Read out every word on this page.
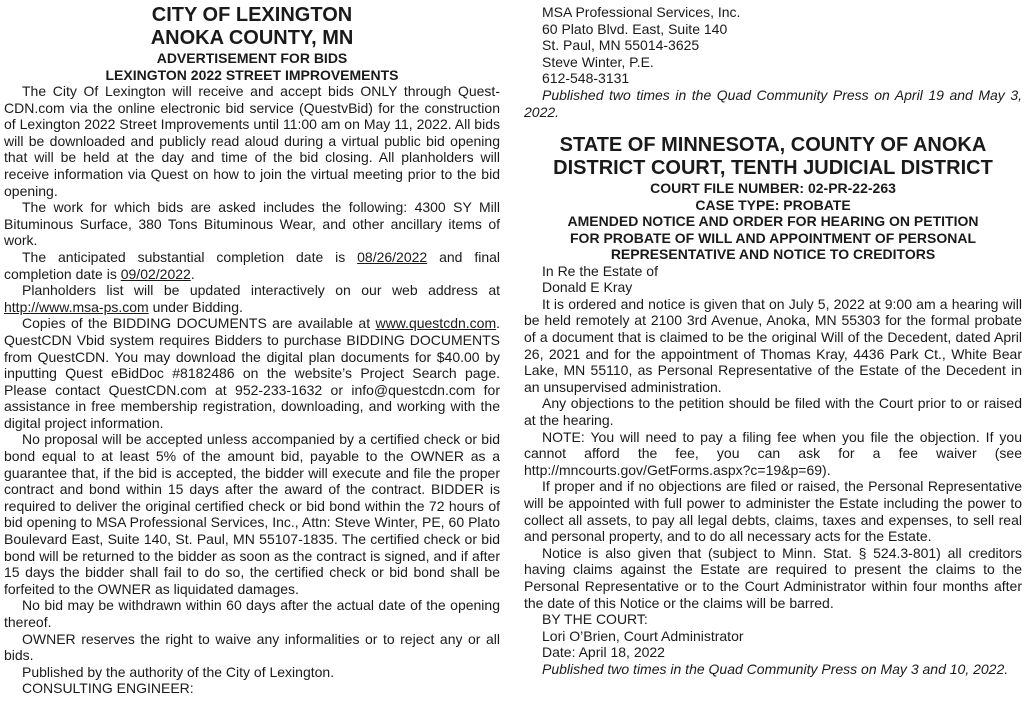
CITY OF LEXINGTON
ANOKA COUNTY, MN
ADVERTISEMENT FOR BIDS
LEXINGTON 2022 STREET IMPROVEMENTS

The City Of Lexington will receive and accept bids ONLY through Quest-CDN.com via the online electronic bid service (QuestvBid) for the construction of Lexington 2022 Street Improvements until 11:00 am on May 11, 2022. All bids will be downloaded and publicly read aloud during a virtual public bid opening that will be held at the day and time of the bid closing. All planholders will receive information via Quest on how to join the virtual meeting prior to the bid opening.

The work for which bids are asked includes the following: 4300 SY Mill Bituminous Surface, 380 Tons Bituminous Wear, and other ancillary items of work.

The anticipated substantial completion date is 08/26/2022 and final completion date is 09/02/2022.

Planholders list will be updated interactively on our web address at http://www.msa-ps.com under Bidding.

Copies of the BIDDING DOCUMENTS are available at www.questcdn.com. QuestCDN Vbid system requires Bidders to purchase BIDDING DOCUMENTS from QuestCDN. You may download the digital plan documents for $40.00 by inputting Quest eBidDoc #8182486 on the website’s Project Search page. Please contact QuestCDN.com at 952-233-1632 or info@questcdn.com for assistance in free membership registration, downloading, and working with the digital project information.

No proposal will be accepted unless accompanied by a certified check or bid bond equal to at least 5% of the amount bid, payable to the OWNER as a guarantee that, if the bid is accepted, the bidder will execute and file the proper contract and bond within 15 days after the award of the contract. BIDDER is required to deliver the original certified check or bid bond within the 72 hours of bid opening to MSA Professional Services, Inc., Attn: Steve Winter, PE, 60 Plato Boulevard East, Suite 140, St. Paul, MN 55107-1835. The certified check or bid bond will be returned to the bidder as soon as the contract is signed, and if after 15 days the bidder shall fail to do so, the certified check or bid bond shall be forfeited to the OWNER as liquidated damages.

No bid may be withdrawn within 60 days after the actual date of the opening thereof.

OWNER reserves the right to waive any informalities or to reject any or all bids.

Published by the authority of the City of Lexington.

CONSULTING ENGINEER:

MSA Professional Services, Inc.
60 Plato Blvd. East, Suite 140
St. Paul, MN 55014-3625
Steve Winter, P.E.
612-548-3131

Published two times in the Quad Community Press on April 19 and May 3, 2022.

STATE OF MINNESOTA, COUNTY OF ANOKA
DISTRICT COURT, TENTH JUDICIAL DISTRICT
COURT FILE NUMBER: 02-PR-22-263
CASE TYPE: PROBATE
AMENDED NOTICE AND ORDER FOR HEARING ON PETITION
FOR PROBATE OF WILL AND APPOINTMENT OF PERSONAL
REPRESENTATIVE AND NOTICE TO CREDITORS
In Re the Estate of
Donald E Kray

It is ordered and notice is given that on July 5, 2022 at 9:00 am a hearing will be held remotely at 2100 3rd Avenue, Anoka, MN 55303 for the formal probate of a document that is claimed to be the original Will of the Decedent, dated April 26, 2021 and for the appointment of Thomas Kray, 4436 Park Ct., White Bear Lake, MN 55110, as Personal Representative of the Estate of the Decedent in an unsupervised administration.

Any objections to the petition should be filed with the Court prior to or raised at the hearing.

NOTE: You will need to pay a filing fee when you file the objection. If you cannot afford the fee, you can ask for a fee waiver (see http://mncourts.gov/GetForms.aspx?c=19&p=69).

If proper and if no objections are filed or raised, the Personal Representative will be appointed with full power to administer the Estate including the power to collect all assets, to pay all legal debts, claims, taxes and expenses, to sell real and personal property, and to do all necessary acts for the Estate.

Notice is also given that (subject to Minn. Stat. § 524.3-801) all creditors having claims against the Estate are required to present the claims to the Personal Representative or to the Court Administrator within four months after the date of this Notice or the claims will be barred.

BY THE COURT:
Lori O’Brien, Court Administrator
Date: April 18, 2022
Published two times in the Quad Community Press on May 3 and 10, 2022.
